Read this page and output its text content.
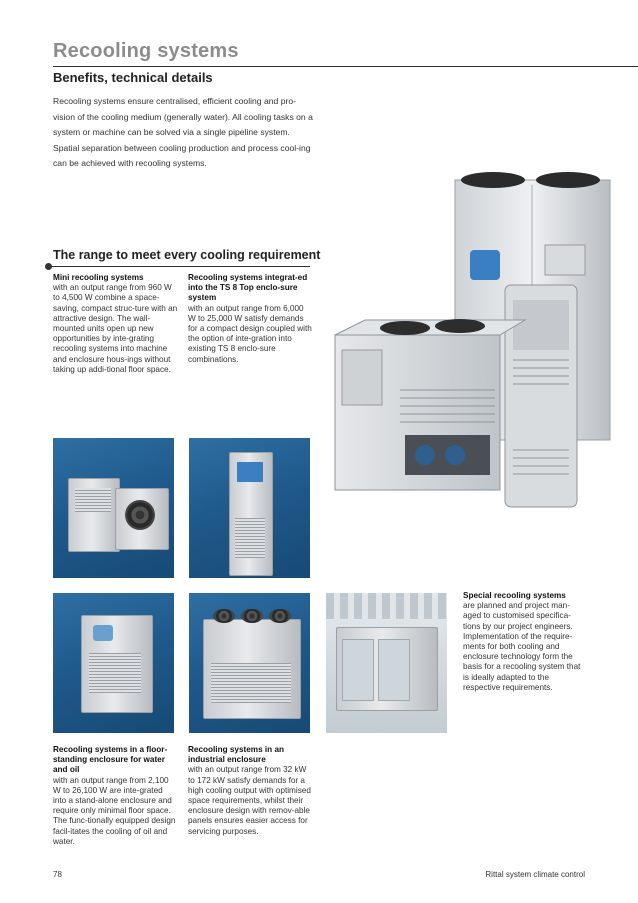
Recooling systems
Benefits, technical details
Recooling systems ensure centralised, efficient cooling and pro-vision of the cooling medium (generally water). All cooling tasks on a system or machine can be solved via a single pipeline system. Spatial separation between cooling production and process cool-ing can be achieved with recooling systems.
The range to meet every cooling requirement
Mini recooling systems
with an output range from 960 W to 4,500 W combine a space-saving, compact struc-ture with an attractive design. The wall-mounted units open up new opportunities by inte-grating recooling systems into machine and enclosure hous-ings without taking up addi-tional floor space.
Recooling systems integrat-ed into the TS 8 Top enclo-sure system
with an output range from 6,000 W to 25,000 W satisfy demands for a compact design coupled with the option of inte-gration into existing TS 8 enclo-sure combinations.
Special recooling systems
are planned and project man-aged to customised specifica-tions by our project engineers. Implementation of the require-ments for both cooling and enclosure technology form the basis for a recooling system that is ideally adapted to the respective requirements.
Recooling systems in a floor-standing enclosure for water and oil
with an output range from 2,100 W to 26,100 W are inte-grated into a stand-alone enclosure and require only minimal floor space. The func-tionally equipped design facil-itates the cooling of oil and water.
Recooling systems in an industrial enclosure
with an output range from 32 kW to 172 kW satisfy demands for a high cooling output with optimised space requirements, whilst their enclosure design with remov-able panels ensures easier access for servicing purposes.
78	Rittal system climate control
